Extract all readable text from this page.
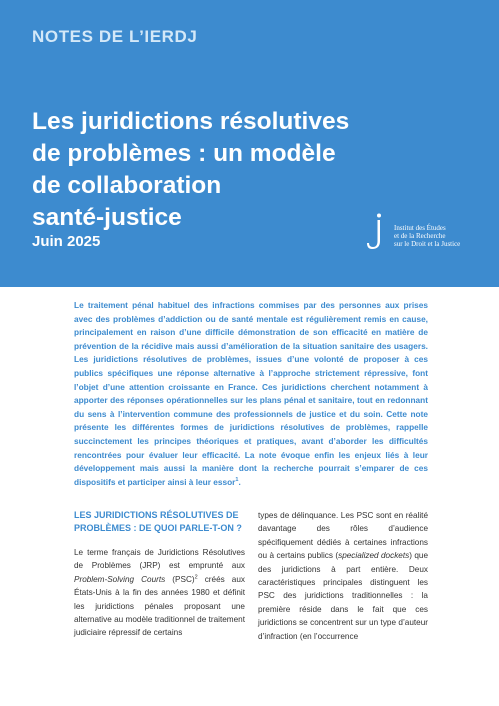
NOTES DE L’IERDJ
Les juridictions résolutives
de problèmes : un modèle
de collaboration
santé-justice
Juin 2025
Institut des Études
et de la Recherche
sur le Droit et la Justice

Le traitement pénal habituel des infractions commises par des personnes aux prises avec des problèmes d’addiction ou de santé mentale est régulièrement remis en cause, principalement en raison d’une difficile démonstration de son efficacité en matière de prévention de la récidive mais aussi d’amélioration de la situation sanitaire des usagers. Les juridictions résolutives de problèmes, issues d’une volonté de proposer à ces publics spécifiques une réponse alternative à l’approche strictement répressive, font l’objet d’une attention croissante en France. Ces juridictions cherchent notamment à apporter des réponses opérationnelles sur les plans pénal et sanitaire, tout en redonnant du sens à l’intervention commune des professionnels de justice et du soin. Cette note présente les différentes formes de juridictions résolutives de problèmes, rappelle succinctement les principes théoriques et pratiques, avant d’aborder les difficultés rencontrées pour évaluer leur efficacité. La note évoque enfin les enjeux liés à leur développement mais aussi la manière dont la recherche pourrait s’emparer de ces dispositifs et participer ainsi à leur essor$^1$.

LES JURIDICTIONS RÉSOLUTIVES DE PROBLÈMES : DE QUOI PARLE-T-ON ?

Le terme français de Juridictions Résolutives de Problèmes (JRP) est emprunté aux Problem-Solving Courts (PSC)$^2$ créés aux États-Unis à la fin des années 1980 et définit les juridictions pénales proposant une alternative au modèle traditionnel de traitement judiciaire répressif de certains

types de délinquance. Les PSC sont en réalité davantage des rôles d’audience spécifiquement dédiés à certaines infractions ou à certains publics (specialized dockets) que des juridictions à part entière. Deux caractéristiques principales distinguent les PSC des juridictions traditionnelles : la première réside dans le fait que ces juridictions se concentrent sur un type d’auteur d’infraction (en l’occurrence
